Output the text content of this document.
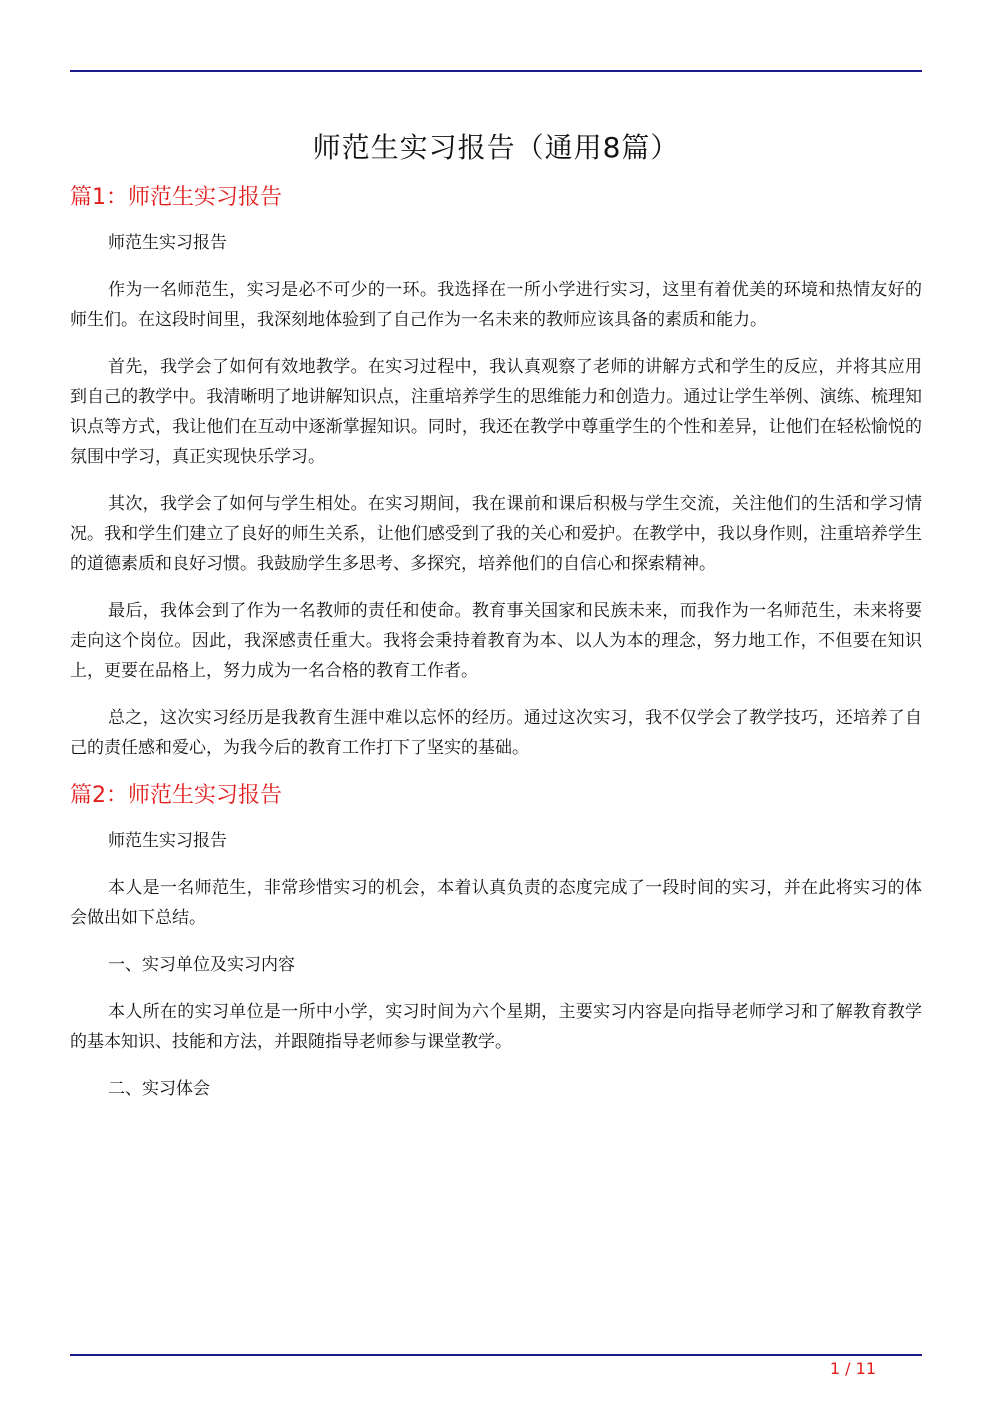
师范生实习报告（通用8篇）
篇1：师范生实习报告

师范生实习报告

作为一名师范生，实习是必不可少的一环。我选择在一所小学进行实习，这里有着优美的环境和热情友好的师生们。在这段时间里，我深刻地体验到了自己作为一名未来的教师应该具备的素质和能力。

首先，我学会了如何有效地教学。在实习过程中，我认真观察了老师的讲解方式和学生的反应，并将其应用到自己的教学中。我清晰明了地讲解知识点，注重培养学生的思维能力和创造力。通过让学生举例、演练、梳理知识点等方式，我让他们在互动中逐渐掌握知识。同时，我还在教学中尊重学生的个性和差异，让他们在轻松愉悦的氛围中学习，真正实现快乐学习。

其次，我学会了如何与学生相处。在实习期间，我在课前和课后积极与学生交流，关注他们的生活和学习情况。我和学生们建立了良好的师生关系，让他们感受到了我的关心和爱护。在教学中，我以身作则，注重培养学生的道德素质和良好习惯。我鼓励学生多思考、多探究，培养他们的自信心和探索精神。

最后，我体会到了作为一名教师的责任和使命。教育事关国家和民族未来，而我作为一名师范生，未来将要走向这个岗位。因此，我深感责任重大。我将会秉持着教育为本、以人为本的理念，努力地工作，不但要在知识上，更要在品格上，努力成为一名合格的教育工作者。

总之，这次实习经历是我教育生涯中难以忘怀的经历。通过这次实习，我不仅学会了教学技巧，还培养了自己的责任感和爱心，为我今后的教育工作打下了坚实的基础。

篇2：师范生实习报告

师范生实习报告

本人是一名师范生，非常珍惜实习的机会，本着认真负责的态度完成了一段时间的实习，并在此将实习的体会做出如下总结。

一、实习单位及实习内容

本人所在的实习单位是一所中小学，实习时间为六个星期，主要实习内容是向指导老师学习和了解教育教学的基本知识、技能和方法，并跟随指导老师参与课堂教学。

二、实习体会

1 / 11
